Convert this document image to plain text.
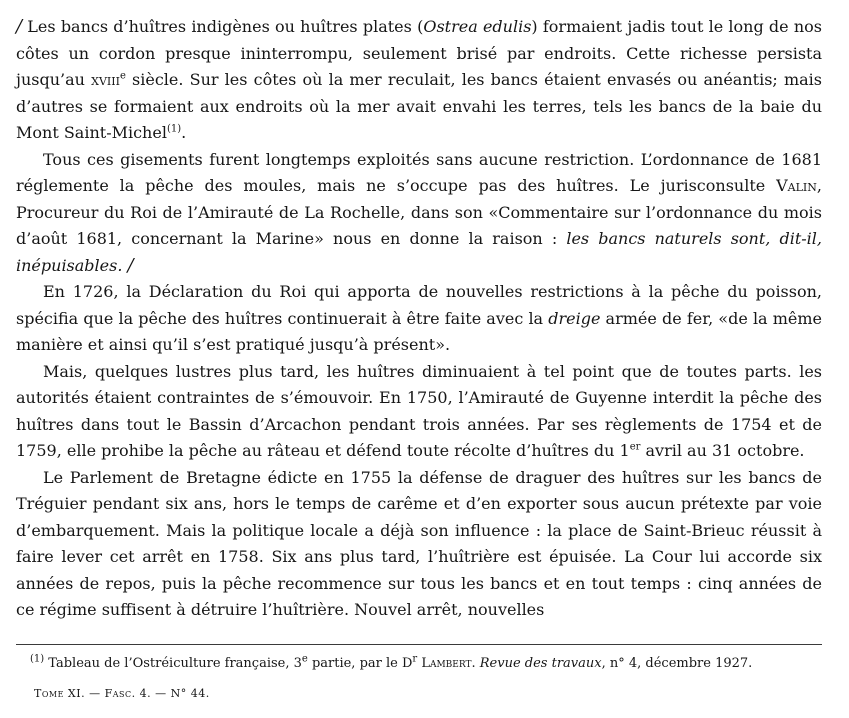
/ Les bancs d’huîtres indigènes ou huîtres plates (Ostrea edulis) formaient jadis tout le long de nos côtes un cordon presque ininterrompu, seulement brisé par endroits. Cette richesse persista jusqu’au xviii$^e$ siècle. Sur les côtes où la mer reculait, les bancs étaient envasés ou anéantis; mais d’autres se formaient aux endroits où la mer avait envahi les terres, tels les bancs de la baie du Mont Saint-Michel$^{(1)}$.

Tous ces gisements furent longtemps exploités sans aucune restriction. L’ordonnance de 1681 réglemente la pêche des moules, mais ne s’occupe pas des huîtres. Le jurisconsulte Valin, Procureur du Roi de l’Amirauté de La Rochelle, dans son «Commentaire sur l’ordonnance du mois d’août 1681, concernant la Marine» nous en donne la raison : les bancs naturels sont, dit-il, inépuisables. /

En 1726, la Déclaration du Roi qui apporta de nouvelles restrictions à la pêche du poisson, spécifia que la pêche des huîtres continuerait à être faite avec la dreige armée de fer, «de la même manière et ainsi qu’il s’est pratiqué jusqu’à présent».

Mais, quelques lustres plus tard, les huîtres diminuaient à tel point que de toutes parts. les autorités étaient contraintes de s’émouvoir. En 1750, l’Amirauté de Guyenne interdit la pêche des huîtres dans tout le Bassin d’Arcachon pendant trois années. Par ses règlements de 1754 et de 1759, elle prohibe la pêche au râteau et défend toute récolte d’huîtres du 1er avril au 31 octobre.

Le Parlement de Bretagne édicte en 1755 la défense de draguer des huîtres sur les bancs de Tréguier pendant six ans, hors le temps de carême et d’en exporter sous aucun prétexte par voie d’embarquement. Mais la politique locale a déjà son influence : la place de Saint-Brieuc réussit à faire lever cet arrêt en 1758. Six ans plus tard, l’huîtrière est épuisée. La Cour lui accorde six années de repos, puis la pêche recommence sur tous les bancs et en tout temps : cinq années de ce régime suffisent à détruire l’huîtrière. Nouvel arrêt, nouvelles

$^{(1)}$ Tableau de l’Ostréiculture française, 3e partie, par le $D^r$ Lambert. Revue des travaux, n° 4, décembre 1927.
Tome XI. — Fasc. 4. — N° 44.
